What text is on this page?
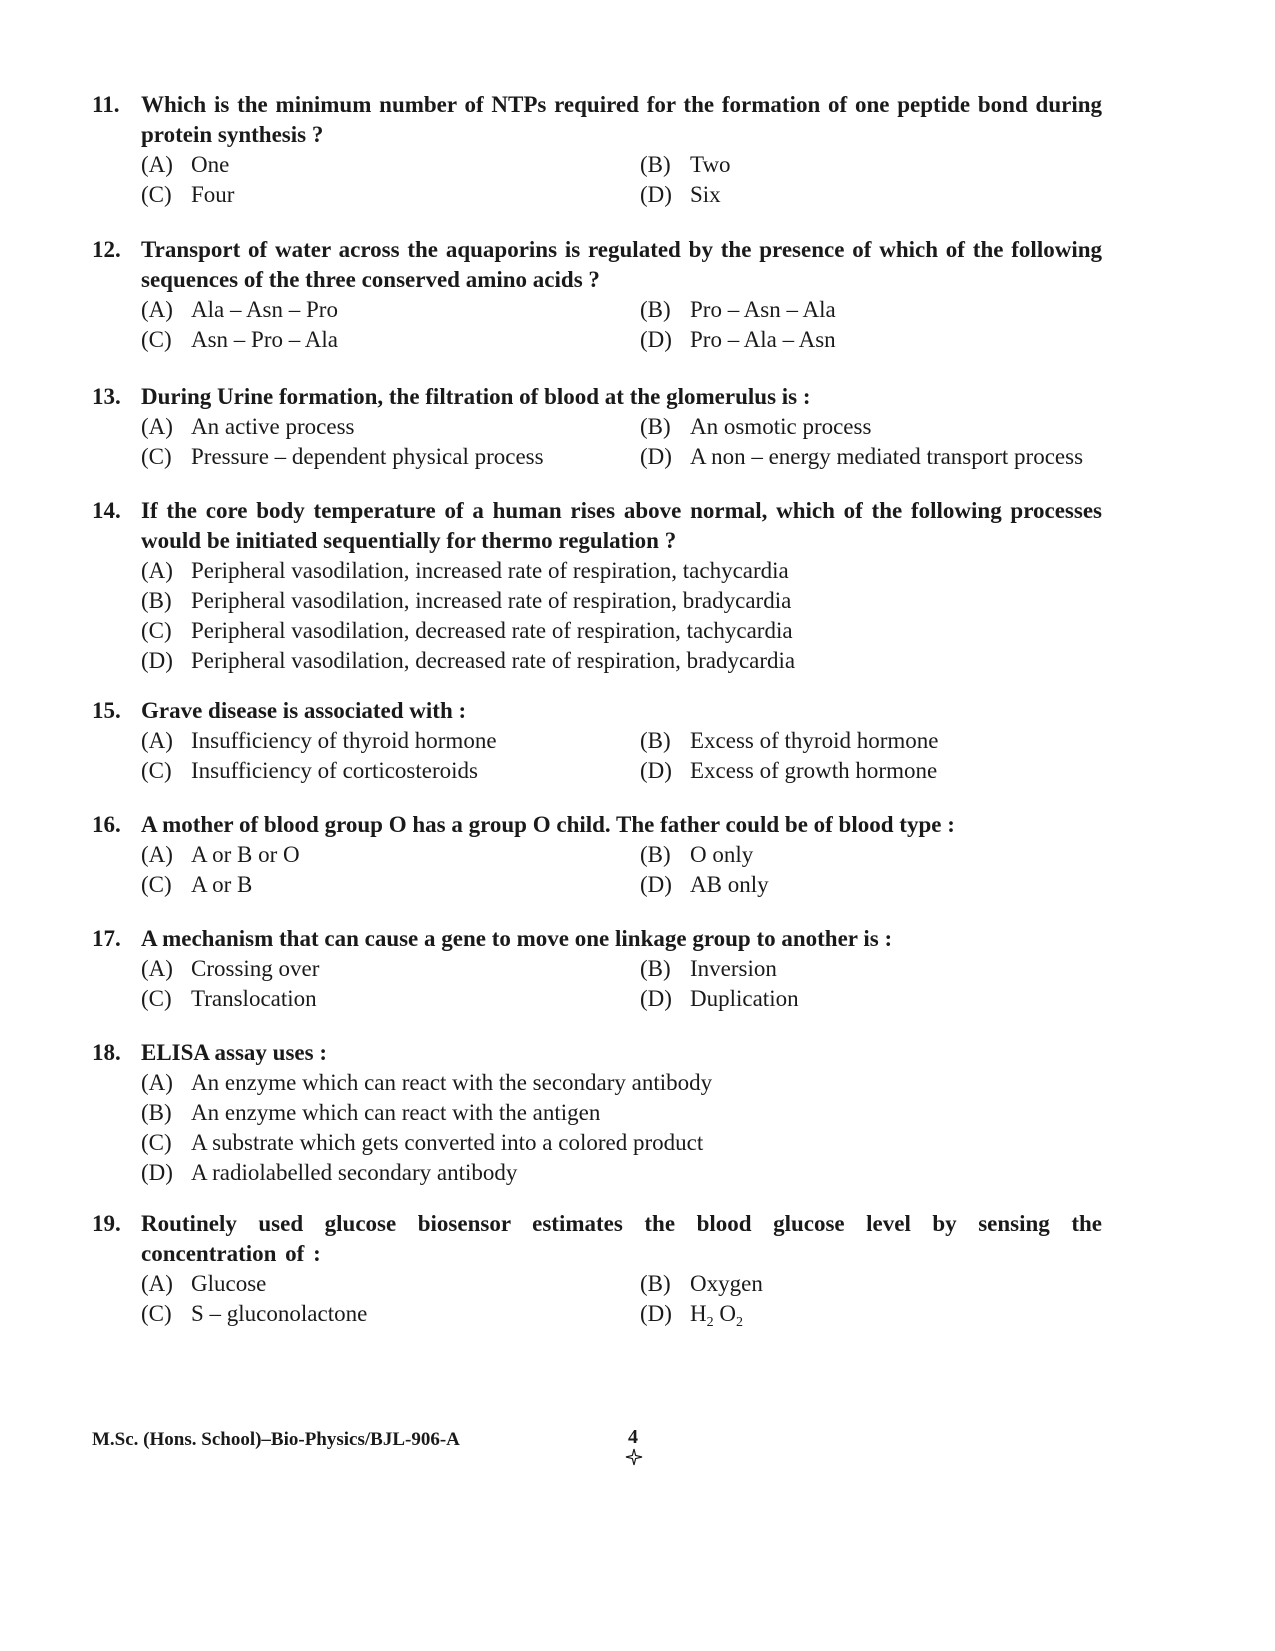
11. Which is the minimum number of NTPs required for the formation of one peptide bond during protein synthesis ?
(A) One	(B) Two
(C) Four	(D) Six
12. Transport of water across the aquaporins is regulated by the presence of which of the following sequences of the three conserved amino acids ?
(A) Ala – Asn – Pro	(B) Pro – Asn – Ala
(C) Asn – Pro – Ala	(D) Pro – Ala – Asn
13. During Urine formation, the filtration of blood at the glomerulus is :
(A) An active process	(B) An osmotic process
(C) Pressure – dependent physical process	(D) A non – energy mediated transport process
14. If the core body temperature of a human rises above normal, which of the following processes would be initiated sequentially for thermo regulation ?
(A) Peripheral vasodilation, increased rate of respiration, tachycardia
(B) Peripheral vasodilation, increased rate of respiration, bradycardia
(C) Peripheral vasodilation, decreased rate of respiration, tachycardia
(D) Peripheral vasodilation, decreased rate of respiration, bradycardia
15. Grave disease is associated with :
(A) Insufficiency of thyroid hormone	(B) Excess of thyroid hormone
(C) Insufficiency of corticosteroids	(D) Excess of growth hormone
16. A mother of blood group O has a group O child. The father could be of blood type :
(A) A or B or O	(B) O only
(C) A or B	(D) AB only
17. A mechanism that can cause a gene to move one linkage group to another is :
(A) Crossing over	(B) Inversion
(C) Translocation	(D) Duplication
18. ELISA assay uses :
(A) An enzyme which can react with the secondary antibody
(B) An enzyme which can react with the antigen
(C) A substrate which gets converted into a colored product
(D) A radiolabelled secondary antibody
19. Routinely used glucose biosensor estimates the blood glucose level by sensing the concentration of :
(A) Glucose	(B) Oxygen
(C) S – gluconolactone	(D) $H_2$ $O_2$
M.Sc. (Hons. School)–Bio-Physics/BJL-906-A	4
